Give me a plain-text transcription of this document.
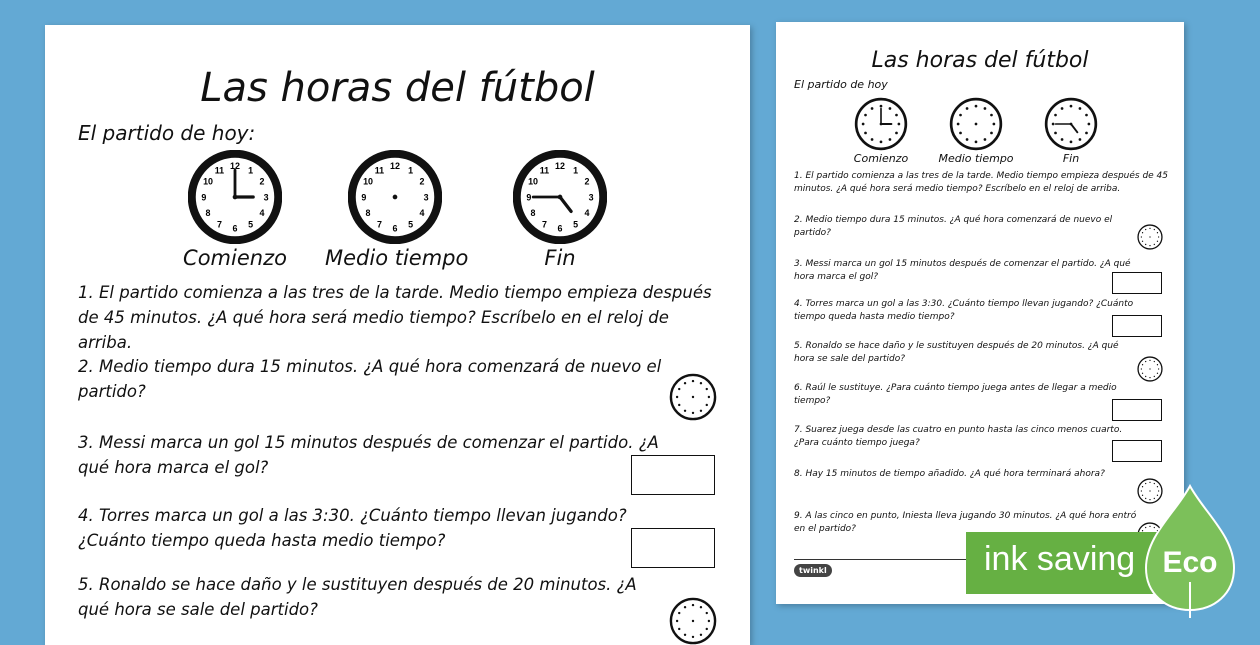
Las horas del fútbol
El partido de hoy:
1
2
3
4
5
6
7
8
9
10
11 12
Comienzo
1
2
3
4
5
6
7
8
9
10
11 12
Medio tiempo
1
2
3
4
5
6
7
8
9
10
11 12
Fin

1. El partido comienza a las tres de la tarde. Medio tiempo empieza después de 45 minutos. ¿A qué hora será medio tiempo? Escríbelo en el reloj de arriba.

2. Medio tiempo dura 15 minutos. ¿A qué hora comenzará de nuevo el partido?

3. Messi marca un gol 15 minutos después de comenzar el partido. ¿A qué hora marca el gol?

4. Torres marca un gol a las 3:30. ¿Cuánto tiempo llevan jugando? ¿Cuánto tiempo queda hasta medio tiempo?

5. Ronaldo se hace daño y le sustituyen después de 20 minutos. ¿A qué hora se sale del partido?

Las horas del fútbol
El partido de hoy
Comienzo	Medio tiempo	Fin

1. El partido comienza a las tres de la tarde. Medio tiempo empieza después de 45 minutos. ¿A qué hora será medio tiempo? Escríbelo en el reloj de arriba.

2. Medio tiempo dura 15 minutos. ¿A qué hora comenzará de nuevo el partido?

3. Messi marca un gol 15 minutos después de comenzar el partido. ¿A qué hora marca el gol?

4. Torres marca un gol a las 3:30. ¿Cuánto tiempo llevan jugando? ¿Cuánto tiempo queda hasta medio tiempo?

5. Ronaldo se hace daño y le sustituyen después de 20 minutos. ¿A qué hora se sale del partido?

6. Raúl le sustituye. ¿Para cuánto tiempo juega antes de llegar a medio tiempo?

7. Suarez juega desde las cuatro en punto hasta las cinco menos cuarto. ¿Para cuánto tiempo juega?

8. Hay 15 minutos de tiempo añadido. ¿A qué hora terminará ahora?

9. A las cinco en punto, Iniesta lleva jugando 30 minutos. ¿A qué hora entró en el partido?

twinkl	ink saving Eco
